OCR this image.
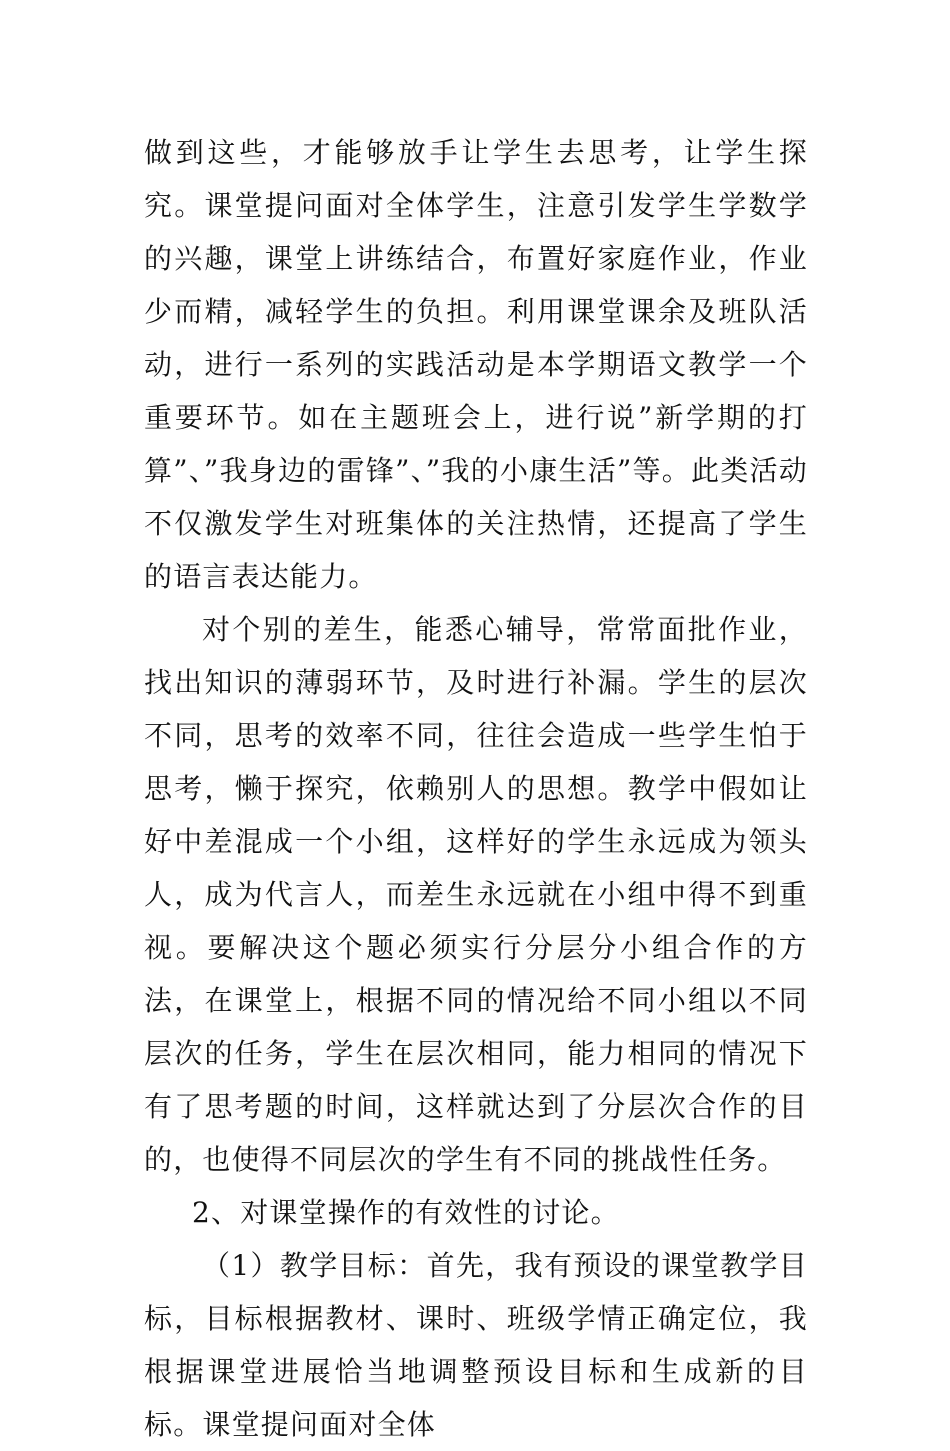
做到这些，才能够放手让学生去思考，让学生探究。课堂提问面对全体学生，注意引发学生学数学的兴趣，课堂上讲练结合，布置好家庭作业，作业少而精，减轻学生的负担。利用课堂课余及班队活动，进行一系列的实践活动是本学期语文教学一个重要环节。如在主题班会上，进行说”新学期的打算”、”我身边的雷锋”、”我的小康生活”等。此类活动不仅激发学生对班集体的关注热情，还提高了学生的语言表达能力。

对个别的差生，能悉心辅导，常常面批作业，找出知识的薄弱环节，及时进行补漏。学生的层次不同，思考的效率不同，往往会造成一些学生怕于思考，懒于探究，依赖别人的思想。教学中假如让好中差混成一个小组，这样好的学生永远成为领头人，成为代言人，而差生永远就在小组中得不到重视。要解决这个题必须实行分层分小组合作的方法，在课堂上，根据不同的情况给不同小组以不同层次的任务，学生在层次相同，能力相同的情况下有了思考题的时间，这样就达到了分层次合作的目的，也使得不同层次的学生有不同的挑战性任务。

2、对课堂操作的有效性的讨论。

（1）教学目标：首先，我有预设的课堂教学目标，目标根据教材、课时、班级学情正确定位，我根据课堂进展恰当地调整预设目标和生成新的目标。课堂提问面对全体
